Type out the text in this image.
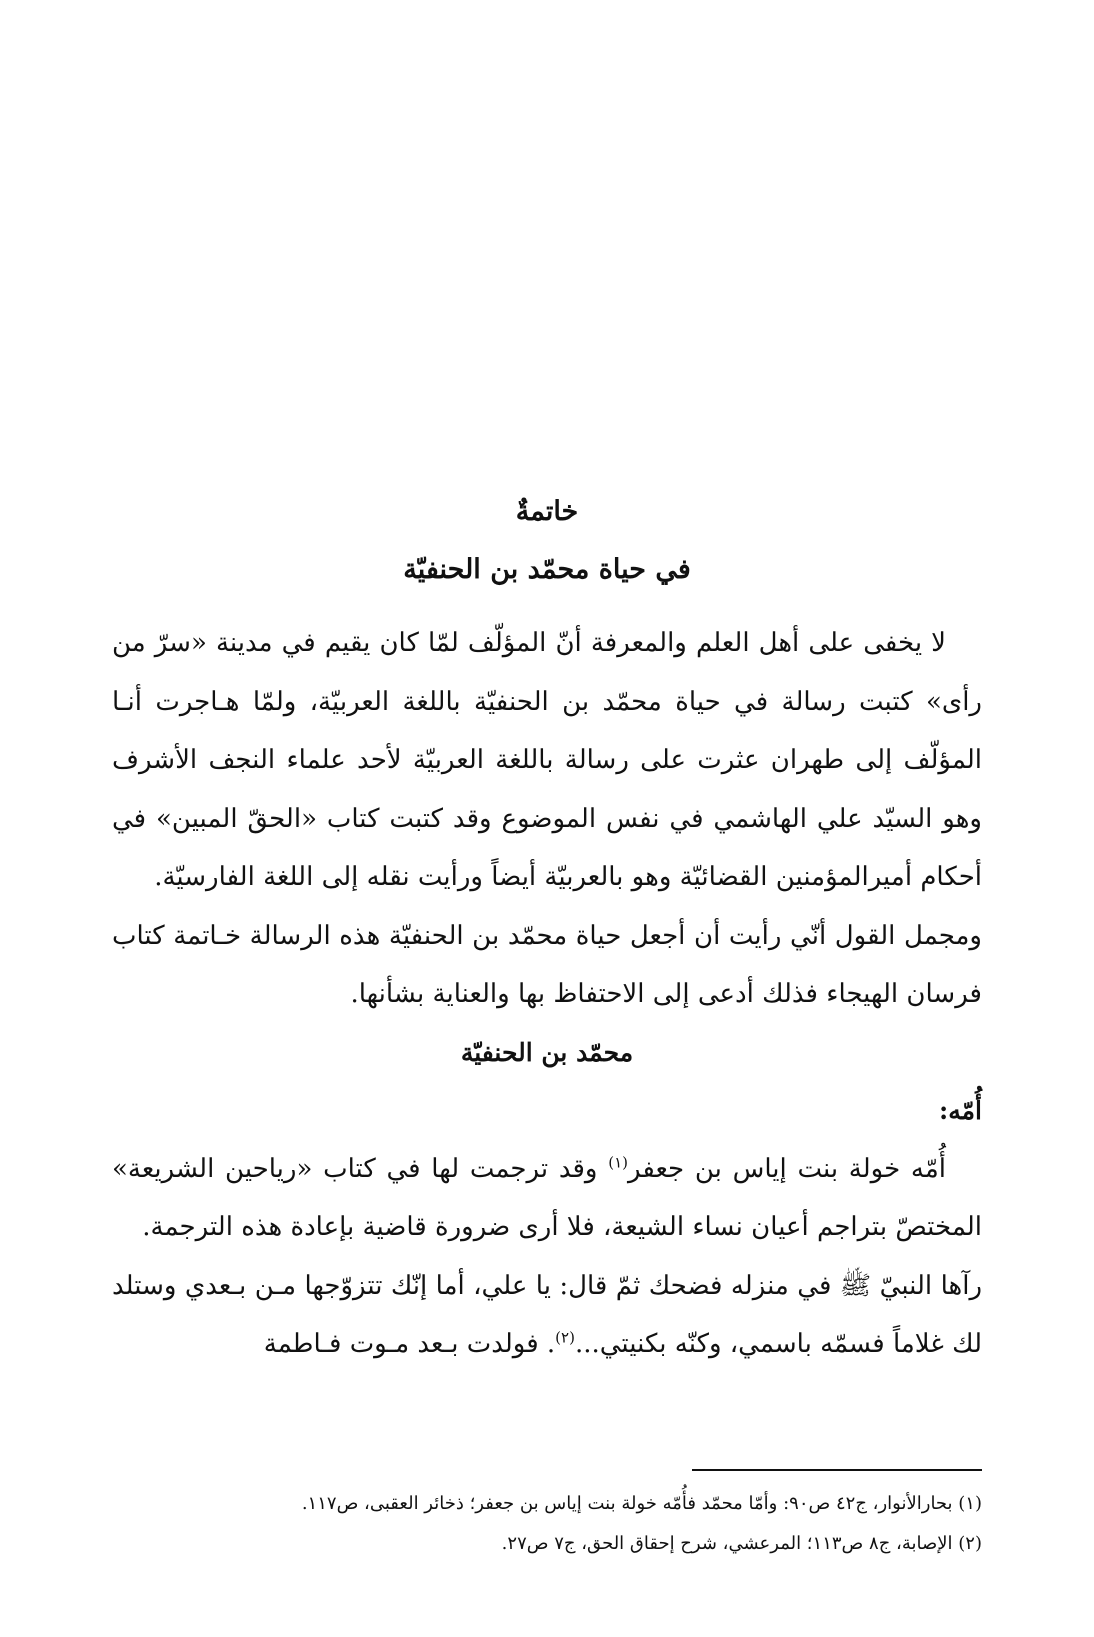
خاتمةٌ
في حياة محمّد بن الحنفيّة

لا يخفى على أهل العلم والمعرفة أنّ المؤلّف لمّا كان يقيم في مدينة «سرّ من رأى» كتبت رسالة في حياة محمّد بن الحنفيّة باللغة العربيّة، ولمّا هـاجرت أنـا المؤلّف إلى طهران عثرت على رسالة باللغة العربيّة لأحد علماء النجف الأشرف وهو السيّد علي الهاشمي في نفس الموضوع وقد كتبت كتاب «الحقّ المبين» في أحكام أميرالمؤمنين القضائيّة وهو بالعربيّة أيضاً ورأيت نقله إلى اللغة الفارسيّة.

ومجمل القول أنّي رأيت أن أجعل حياة محمّد بن الحنفيّة هذه الرسالة خـاتمة كتاب فرسان الهيجاء فذلك أدعى إلى الاحتفاظ بها والعناية بشأنها.

محمّد بن الحنفيّة
أُمّه:

أُمّه خولة بنت إياس بن جعفر$^{(١)}$ وقد ترجمت لها في كتاب «رياحين الشريعة» المختصّ بتراجم أعيان نساء الشيعة، فلا أرى ضرورة قاضية بإعادة هذه الترجمة.

رآها النبيّ ﷺ في منزله فضحك ثمّ قال: يا علي، أما إنّك تتزوّجها مـن بـعدي وستلد لك غلاماً فسمّه باسمي، وكنّه بكنيتي...$^{(٢)}$. فولدت بـعد مـوت فـاطمة

(١) بحارالأنوار، ج٤٢ ص٩٠: وأمّا محمّد فأُمّه خولة بنت إياس بن جعفر؛ ذخائر العقبى، ص١١٧.

(٢) الإصابة، ج٨ ص١١٣؛ المرعشي، شرح إحقاق الحق، ج٧ ص٢٧.
